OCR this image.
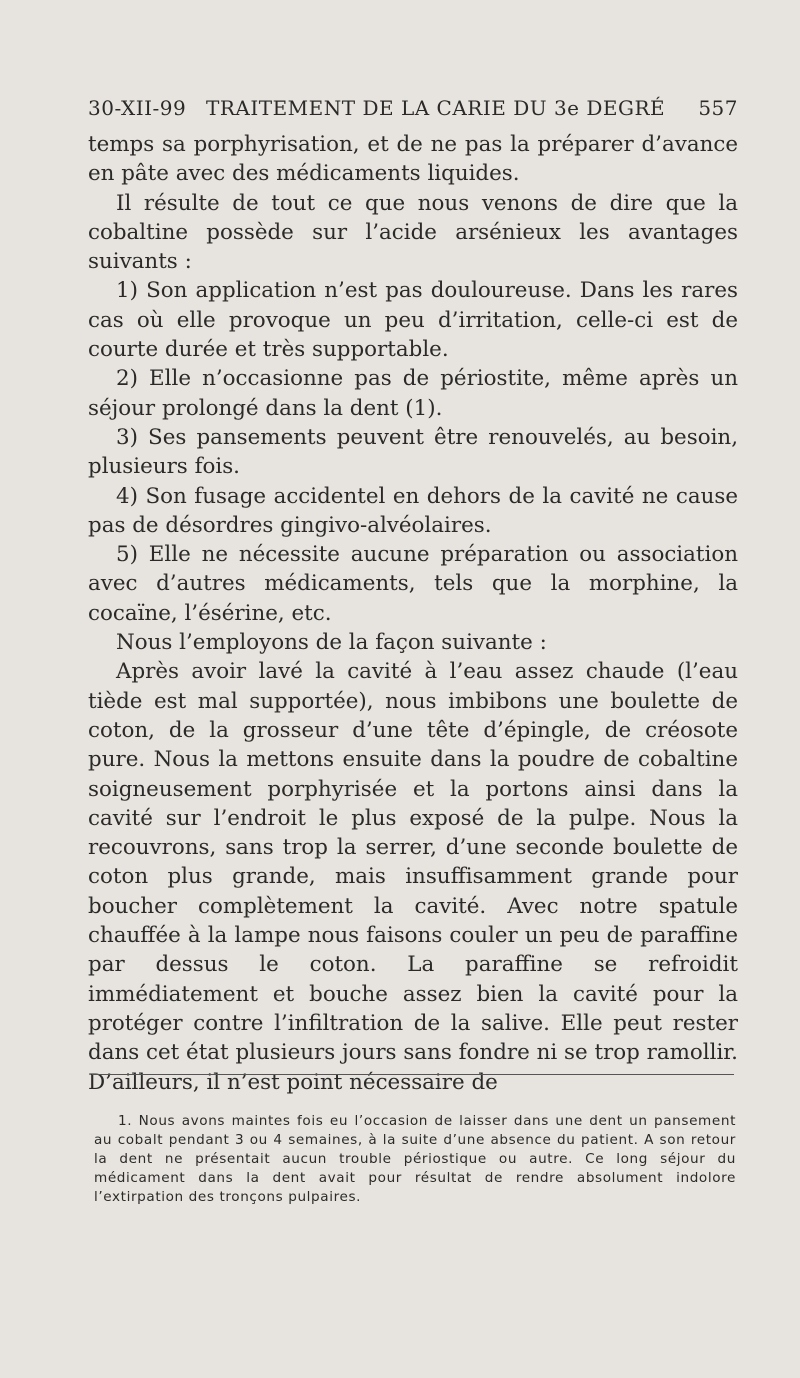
30-XII-99 TRAITEMENT DE LA CARIE DU 3e DEGRÉ 557

temps sa porphyrisation, et de ne pas la préparer d’avance en pâte avec des médicaments liquides.

Il résulte de tout ce que nous venons de dire que la cobaltine possède sur l’acide arsénieux les avantages suivants :

1) Son application n’est pas douloureuse. Dans les rares cas où elle provoque un peu d’irritation, celle-ci est de courte durée et très supportable.

2) Elle n’occasionne pas de périostite, même après un séjour prolongé dans la dent (1).

3) Ses pansements peuvent être renouvelés, au besoin, plusieurs fois.

4) Son fusage accidentel en dehors de la cavité ne cause pas de désordres gingivo-alvéolaires.

5) Elle ne nécessite aucune préparation ou association avec d’autres médicaments, tels que la morphine, la cocaïne, l’ésérine, etc.

Nous l’employons de la façon suivante :

Après avoir lavé la cavité à l’eau assez chaude (l’eau tiède est mal supportée), nous imbibons une boulette de coton, de la grosseur d’une tête d’épingle, de créosote pure. Nous la mettons ensuite dans la poudre de cobaltine soigneusement porphyrisée et la portons ainsi dans la cavité sur l’endroit le plus exposé de la pulpe. Nous la recouvrons, sans trop la serrer, d’une seconde boulette de coton plus grande, mais insuffisamment grande pour boucher complètement la cavité. Avec notre spatule chauffée à la lampe nous faisons couler un peu de paraffine par dessus le coton. La paraffine se refroidit immédiatement et bouche assez bien la cavité pour la protéger contre l’infiltration de la salive. Elle peut rester dans cet état plusieurs jours sans fondre ni se trop ramollir. D’ailleurs, il n’est point nécessaire de

1. Nous avons maintes fois eu l’occasion de laisser dans une dent un pansement au cobalt pendant 3 ou 4 semaines, à la suite d’une absence du patient. A son retour la dent ne présentait aucun trouble périostique ou autre. Ce long séjour du médicament dans la dent avait pour résultat de rendre absolument indolore l’extirpation des tronçons pulpaires.
